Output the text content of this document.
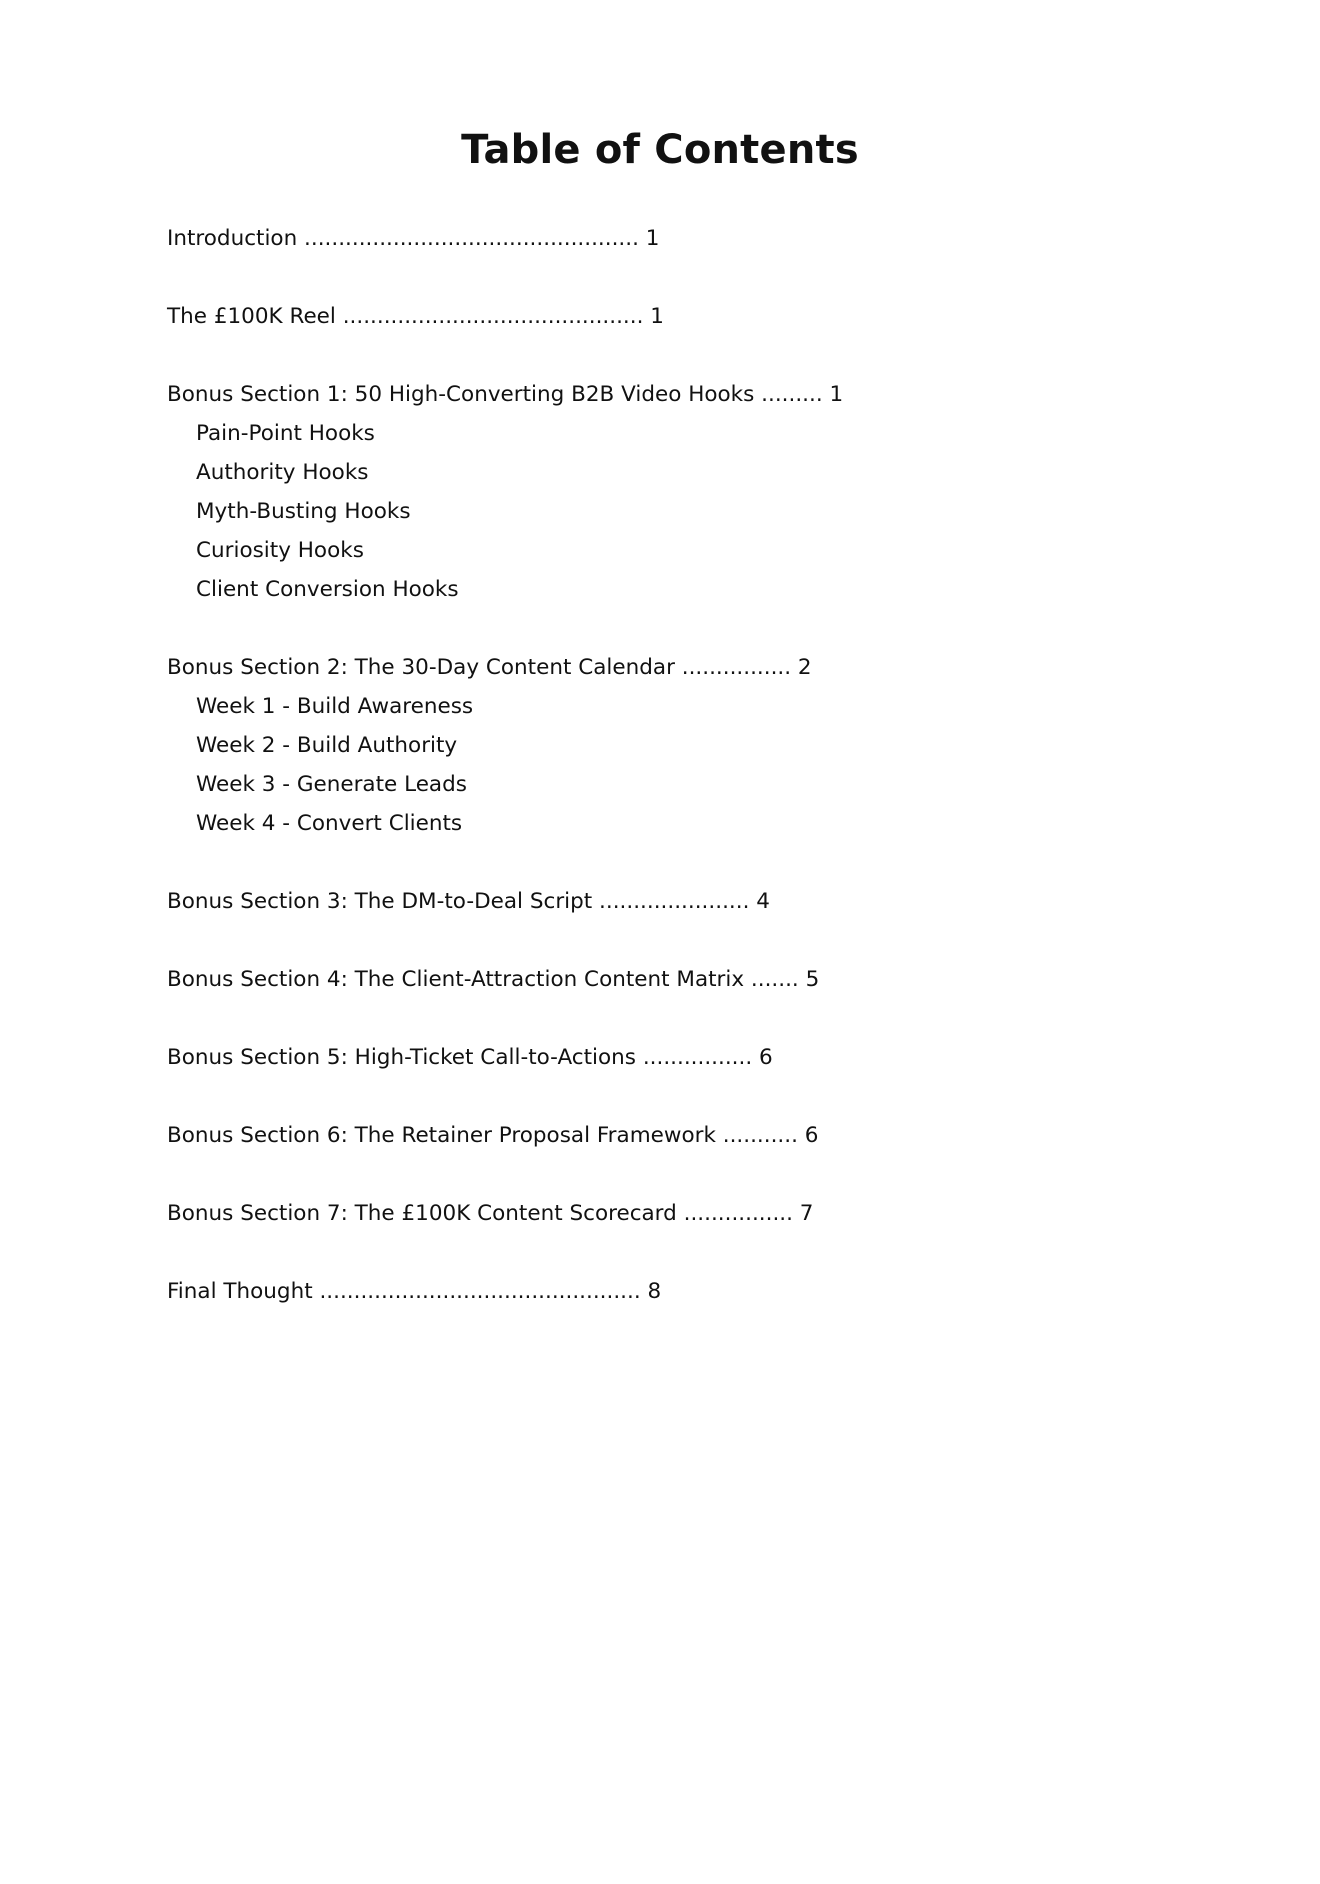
Table of Contents
Introduction ................................................. 1
The £100K Reel ............................................ 1
Bonus Section 1: 50 High-Converting B2B Video Hooks ......... 1
Pain-Point Hooks
Authority Hooks
Myth-Busting Hooks
Curiosity Hooks
Client Conversion Hooks
Bonus Section 2: The 30-Day Content Calendar ................ 2
Week 1 - Build Awareness
Week 2 - Build Authority
Week 3 - Generate Leads
Week 4 - Convert Clients
Bonus Section 3: The DM-to-Deal Script ...................... 4
Bonus Section 4: The Client-Attraction Content Matrix ....... 5
Bonus Section 5: High-Ticket Call-to-Actions ................ 6
Bonus Section 6: The Retainer Proposal Framework ........... 6
Bonus Section 7: The £100K Content Scorecard ................ 7
Final Thought ............................................... 8
